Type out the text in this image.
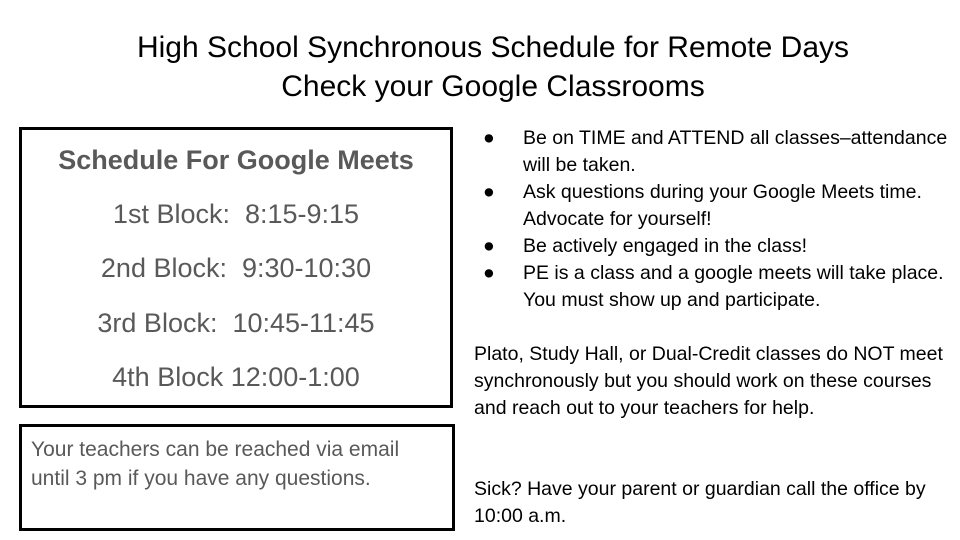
High School Synchronous Schedule for Remote Days
Check your Google Classrooms
Schedule For Google Meets
1st Block:  8:15-9:15
2nd Block:  9:30-10:30
3rd Block:  10:45-11:45
4th Block 12:00-1:00
Your teachers can be reached via email until 3 pm if you have any questions.
●	Be on TIME and ATTEND all classes–attendance will be taken.
●	Ask questions during your Google Meets time. Advocate for yourself!
●	Be actively engaged in the class!
●	PE is a class and a google meets will take place. You must show up and participate.
Plato, Study Hall, or Dual-Credit classes do NOT meet synchronously but you should work on these courses and reach out to your teachers for help.
Sick? Have your parent or guardian call the office by 10:00 a.m.
